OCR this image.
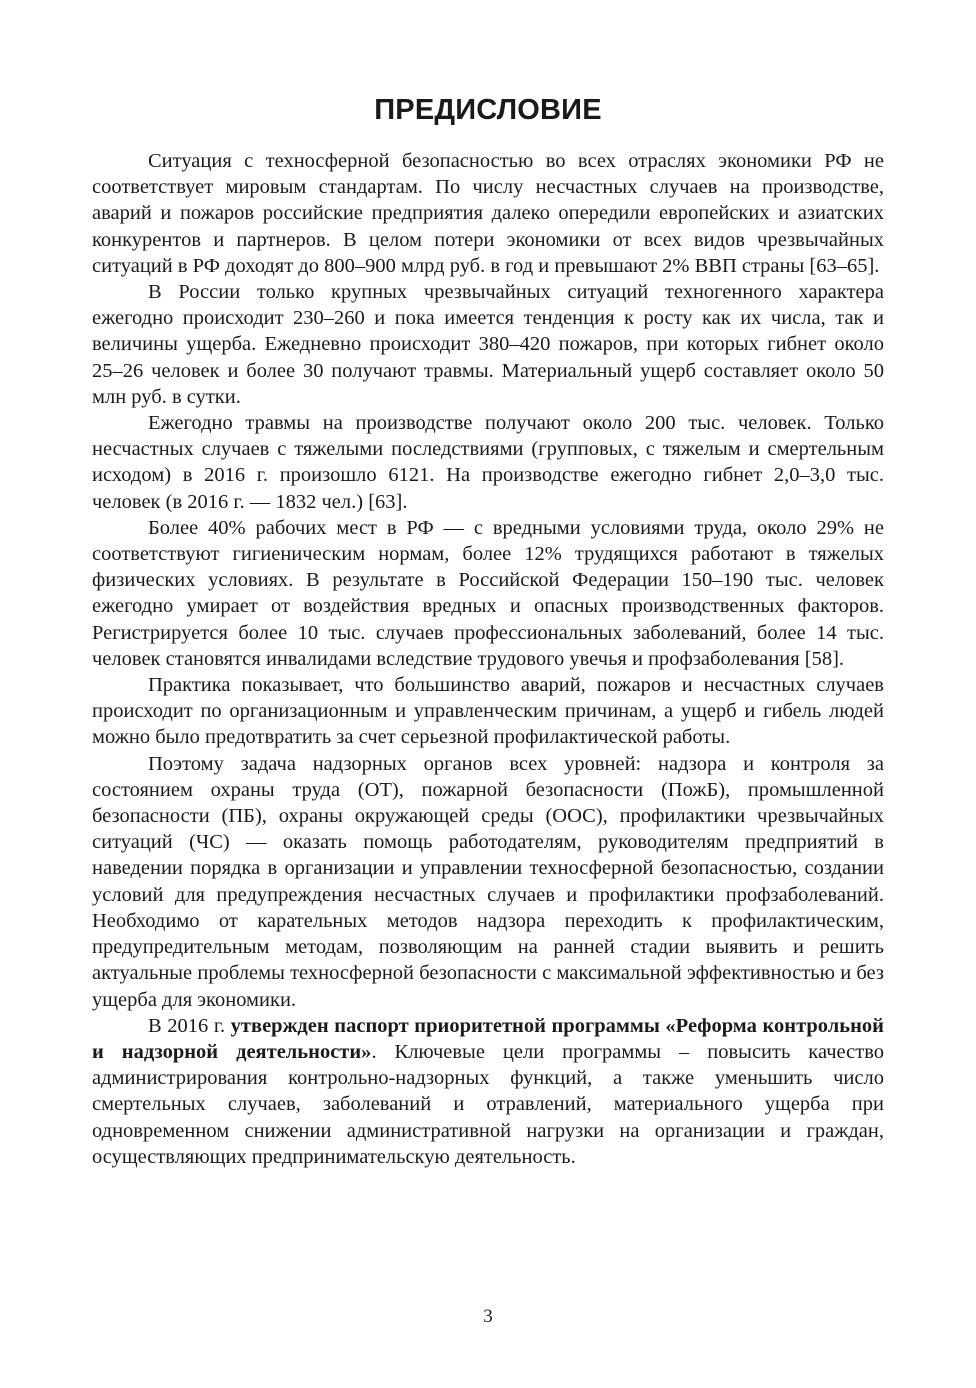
ПРЕДИСЛОВИЕ

Ситуация с техносферной безопасностью во всех отраслях экономики РФ не соответствует мировым стандартам. По числу несчастных случаев на производстве, аварий и пожаров российские предприятия далеко опередили европейских и азиатских конкурентов и партнеров. В целом потери экономики от всех видов чрезвычайных ситуаций в РФ доходят до 800–900 млрд руб. в год и превышают 2% ВВП страны [63–65].

В России только крупных чрезвычайных ситуаций техногенного характера ежегодно происходит 230–260 и пока имеется тенденция к росту как их числа, так и величины ущерба. Ежедневно происходит 380–420 пожаров, при которых гибнет около 25–26 человек и более 30 получают травмы. Материальный ущерб составляет около 50 млн руб. в сутки.

Ежегодно травмы на производстве получают около 200 тыс. человек. Только несчастных случаев с тяжелыми последствиями (групповых, с тяжелым и смертельным исходом) в 2016 г. произошло 6121. На производстве ежегодно гибнет 2,0–3,0 тыс. человек (в 2016 г. — 1832 чел.) [63].

Более 40% рабочих мест в РФ — с вредными условиями труда, около 29% не соответствуют гигиеническим нормам, более 12% трудящихся работают в тяжелых физических условиях. В результате в Российской Федерации 150–190 тыс. человек ежегодно умирает от воздействия вредных и опасных производственных факторов. Регистрируется более 10 тыс. случаев профессиональных заболеваний, более 14 тыс. человек становятся инвалидами вследствие трудового увечья и профзаболевания [58].

Практика показывает, что большинство аварий, пожаров и несчастных случаев происходит по организационным и управленческим причинам, а ущерб и гибель людей можно было предотвратить за счет серьезной профилактической работы.

Поэтому задача надзорных органов всех уровней: надзора и контроля за состоянием охраны труда (ОТ), пожарной безопасности (ПожБ), промышленной безопасности (ПБ), охраны окружающей среды (ООС), профилактики чрезвычайных ситуаций (ЧС) — оказать помощь работодателям, руководителям предприятий в наведении порядка в организации и управлении техносферной безопасностью, создании условий для предупреждения несчастных случаев и профилактики профзаболеваний. Необходимо от карательных методов надзора переходить к профилактическим, предупредительным методам, позволяющим на ранней стадии выявить и решить актуальные проблемы техносферной безопасности с максимальной эффективностью и без ущерба для экономики.

В 2016 г. утвержден паспорт приоритетной программы «Реформа контрольной и надзорной деятельности». Ключевые цели программы – повысить качество администрирования контрольно-надзорных функций, а также уменьшить число смертельных случаев, заболеваний и отравлений, материального ущерба при одновременном снижении административной нагрузки на организации и граждан, осуществляющих предпринимательскую деятельность.

3
